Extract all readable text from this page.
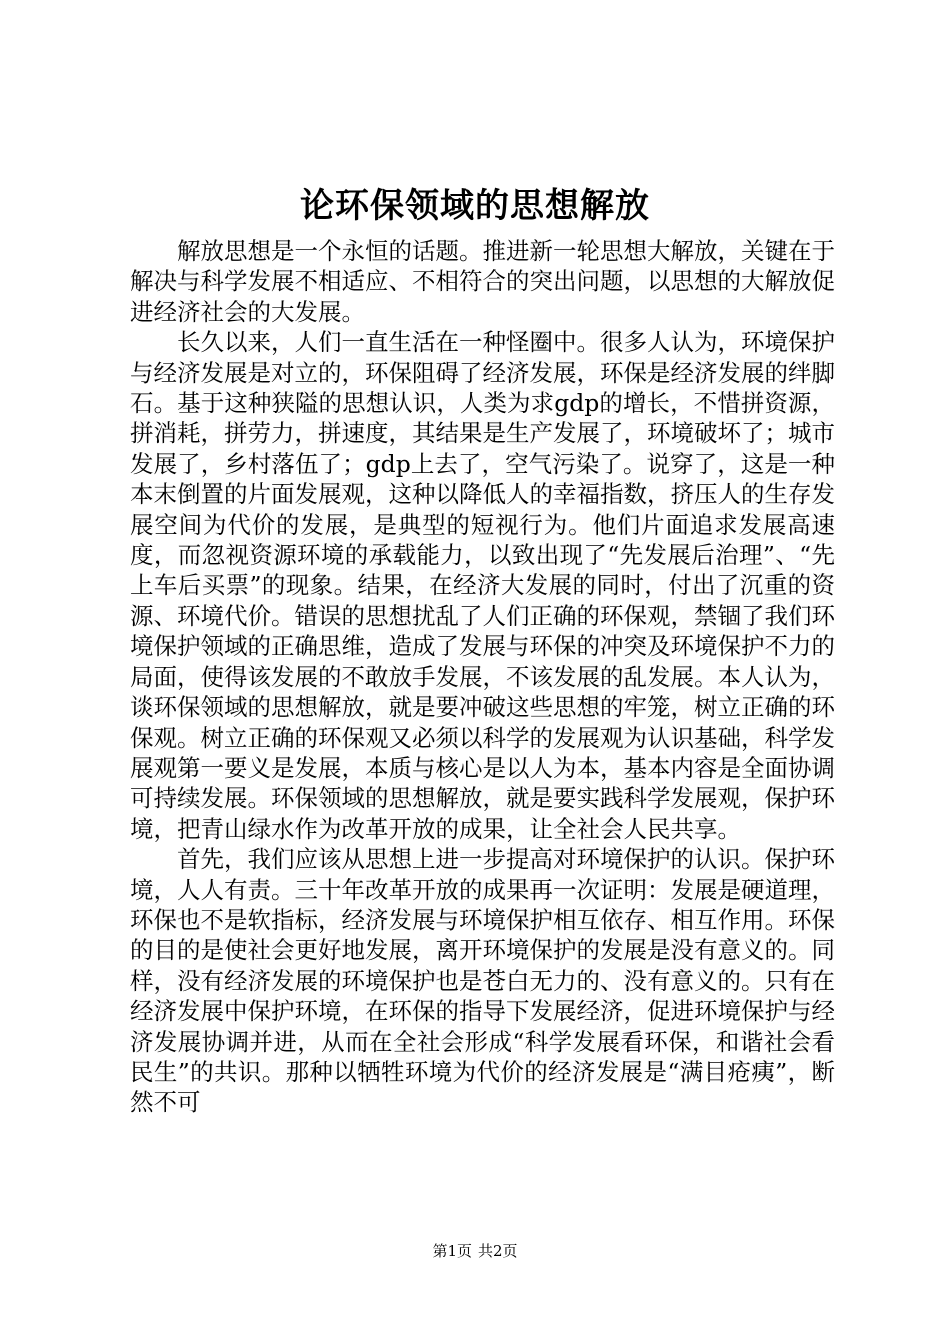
论环保领域的思想解放

解放思想是一个永恒的话题。推进新一轮思想大解放，关键在于解决与科学发展不相适应、不相符合的突出问题，以思想的大解放促进经济社会的大发展。

长久以来，人们一直生活在一种怪圈中。很多人认为，环境保护与经济发展是对立的，环保阻碍了经济发展，环保是经济发展的绊脚石。基于这种狭隘的思想认识，人类为求gdp的增长，不惜拼资源，拼消耗，拼劳力，拼速度，其结果是生产发展了，环境破坏了；城市发展了，乡村落伍了；gdp上去了，空气污染了。说穿了，这是一种本末倒置的片面发展观，这种以降低人的幸福指数，挤压人的生存发展空间为代价的发展，是典型的短视行为。他们片面追求发展高速度，而忽视资源环境的承载能力，以致出现了“先发展后治理”、“先上车后买票”的现象。结果，在经济大发展的同时，付出了沉重的资源、环境代价。错误的思想扰乱了人们正确的环保观，禁锢了我们环境保护领域的正确思维，造成了发展与环保的冲突及环境保护不力的局面，使得该发展的不敢放手发展，不该发展的乱发展。本人认为，谈环保领域的思想解放，就是要冲破这些思想的牢笼，树立正确的环保观。树立正确的环保观又必须以科学的发展观为认识基础，科学发展观第一要义是发展，本质与核心是以人为本，基本内容是全面协调可持续发展。环保领域的思想解放，就是要实践科学发展观，保护环境，把青山绿水作为改革开放的成果，让全社会人民共享。

首先，我们应该从思想上进一步提高对环境保护的认识。保护环境，人人有责。三十年改革开放的成果再一次证明：发展是硬道理，环保也不是软指标，经济发展与环境保护相互依存、相互作用。环保的目的是使社会更好地发展，离开环境保护的发展是没有意义的。同样，没有经济发展的环境保护也是苍白无力的、没有意义的。只有在经济发展中保护环境，在环保的指导下发展经济，促进环境保护与经济发展协调并进，从而在全社会形成“科学发展看环保，和谐社会看民生”的共识。那种以牺牲环境为代价的经济发展是“满目疮痍”，断然不可

第1页 共2页
